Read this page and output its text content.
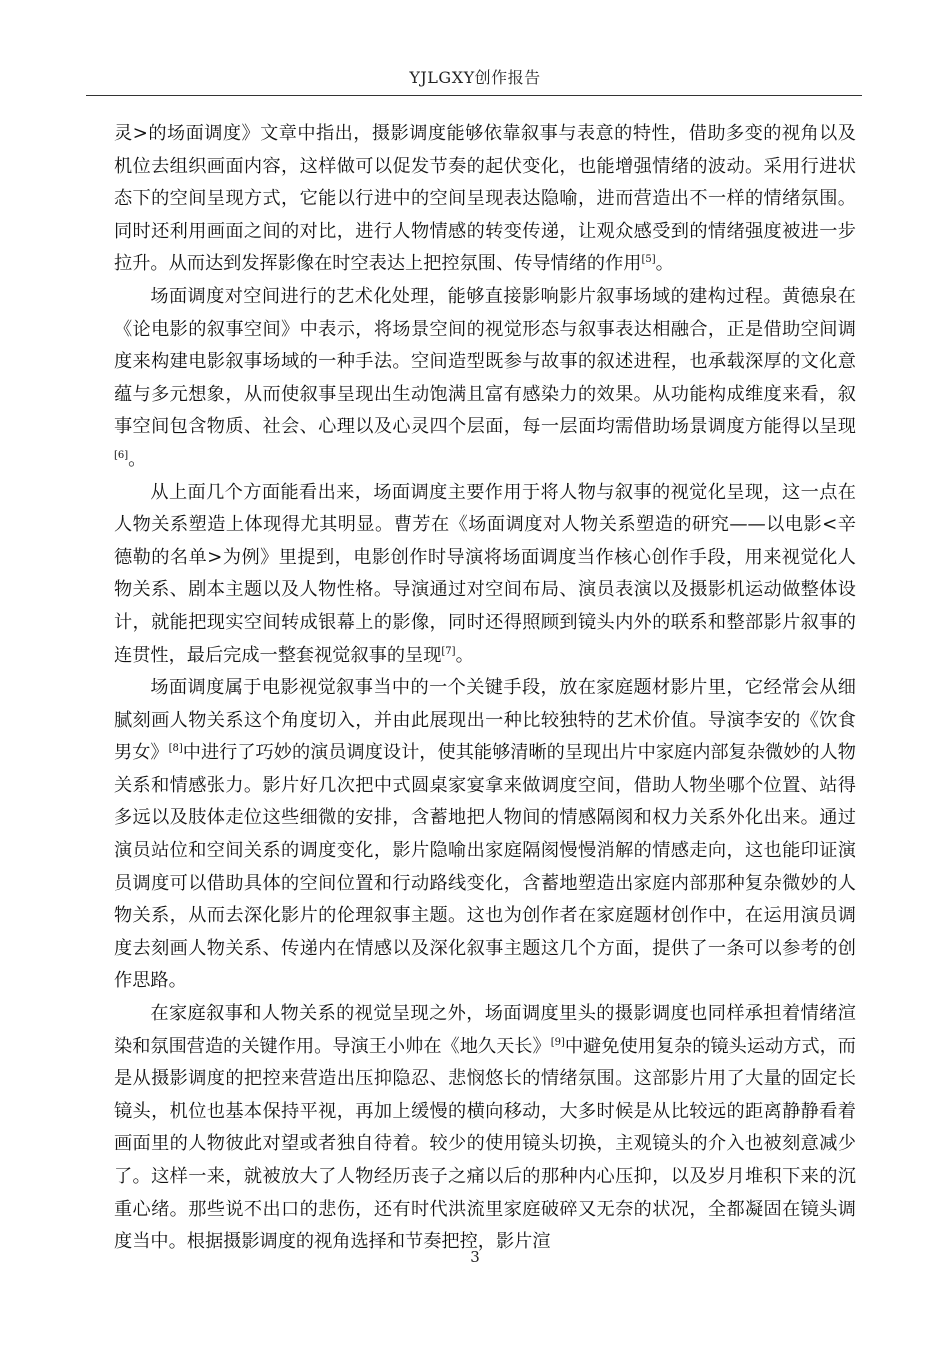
YJLGXY创作报告

灵>的场面调度》文章中指出，摄影调度能够依靠叙事与表意的特性，借助多变的视角以及机位去组织画面内容，这样做可以促发节奏的起伏变化，也能增强情绪的波动。采用行进状态下的空间呈现方式，它能以行进中的空间呈现表达隐喻，进而营造出不一样的情绪氛围。同时还利用画面之间的对比，进行人物情感的转变传递，让观众感受到的情绪强度被进一步拉升。从而达到发挥影像在时空表达上把控氛围、传导情绪的作用[5]。

场面调度对空间进行的艺术化处理，能够直接影响影片叙事场域的建构过程。黄德泉在《论电影的叙事空间》中表示，将场景空间的视觉形态与叙事表达相融合，正是借助空间调度来构建电影叙事场域的一种手法。空间造型既参与故事的叙述进程，也承载深厚的文化意蕴与多元想象，从而使叙事呈现出生动饱满且富有感染力的效果。从功能构成维度来看，叙事空间包含物质、社会、心理以及心灵四个层面，每一层面均需借助场景调度方能得以呈现[6]。

从上面几个方面能看出来，场面调度主要作用于将人物与叙事的视觉化呈现，这一点在人物关系塑造上体现得尤其明显。曹芳在《场面调度对人物关系塑造的研究——以电影<辛德勒的名单>为例》里提到，电影创作时导演将场面调度当作核心创作手段，用来视觉化人物关系、剧本主题以及人物性格。导演通过对空间布局、演员表演以及摄影机运动做整体设计，就能把现实空间转成银幕上的影像，同时还得照顾到镜头内外的联系和整部影片叙事的连贯性，最后完成一整套视觉叙事的呈现[7]。

场面调度属于电影视觉叙事当中的一个关键手段，放在家庭题材影片里，它经常会从细腻刻画人物关系这个角度切入，并由此展现出一种比较独特的艺术价值。导演李安的《饮食男女》[8]中进行了巧妙的演员调度设计，使其能够清晰的呈现出片中家庭内部复杂微妙的人物关系和情感张力。影片好几次把中式圆桌家宴拿来做调度空间，借助人物坐哪个位置、站得多远以及肢体走位这些细微的安排，含蓄地把人物间的情感隔阂和权力关系外化出来。通过演员站位和空间关系的调度变化，影片隐喻出家庭隔阂慢慢消解的情感走向，这也能印证演员调度可以借助具体的空间位置和行动路线变化，含蓄地塑造出家庭内部那种复杂微妙的人物关系，从而去深化影片的伦理叙事主题。这也为创作者在家庭题材创作中，在运用演员调度去刻画人物关系、传递内在情感以及深化叙事主题这几个方面，提供了一条可以参考的创作思路。

在家庭叙事和人物关系的视觉呈现之外，场面调度里头的摄影调度也同样承担着情绪渲染和氛围营造的关键作用。导演王小帅在《地久天长》[9]中避免使用复杂的镜头运动方式，而是从摄影调度的把控来营造出压抑隐忍、悲悯悠长的情绪氛围。这部影片用了大量的固定长镜头，机位也基本保持平视，再加上缓慢的横向移动，大多时候是从比较远的距离静静看着画面里的人物彼此对望或者独自待着。较少的使用镜头切换，主观镜头的介入也被刻意减少了。这样一来，就被放大了人物经历丧子之痛以后的那种内心压抑，以及岁月堆积下来的沉重心绪。那些说不出口的悲伤，还有时代洪流里家庭破碎又无奈的状况，全都凝固在镜头调度当中。根据摄影调度的视角选择和节奏把控，影片渲

3
